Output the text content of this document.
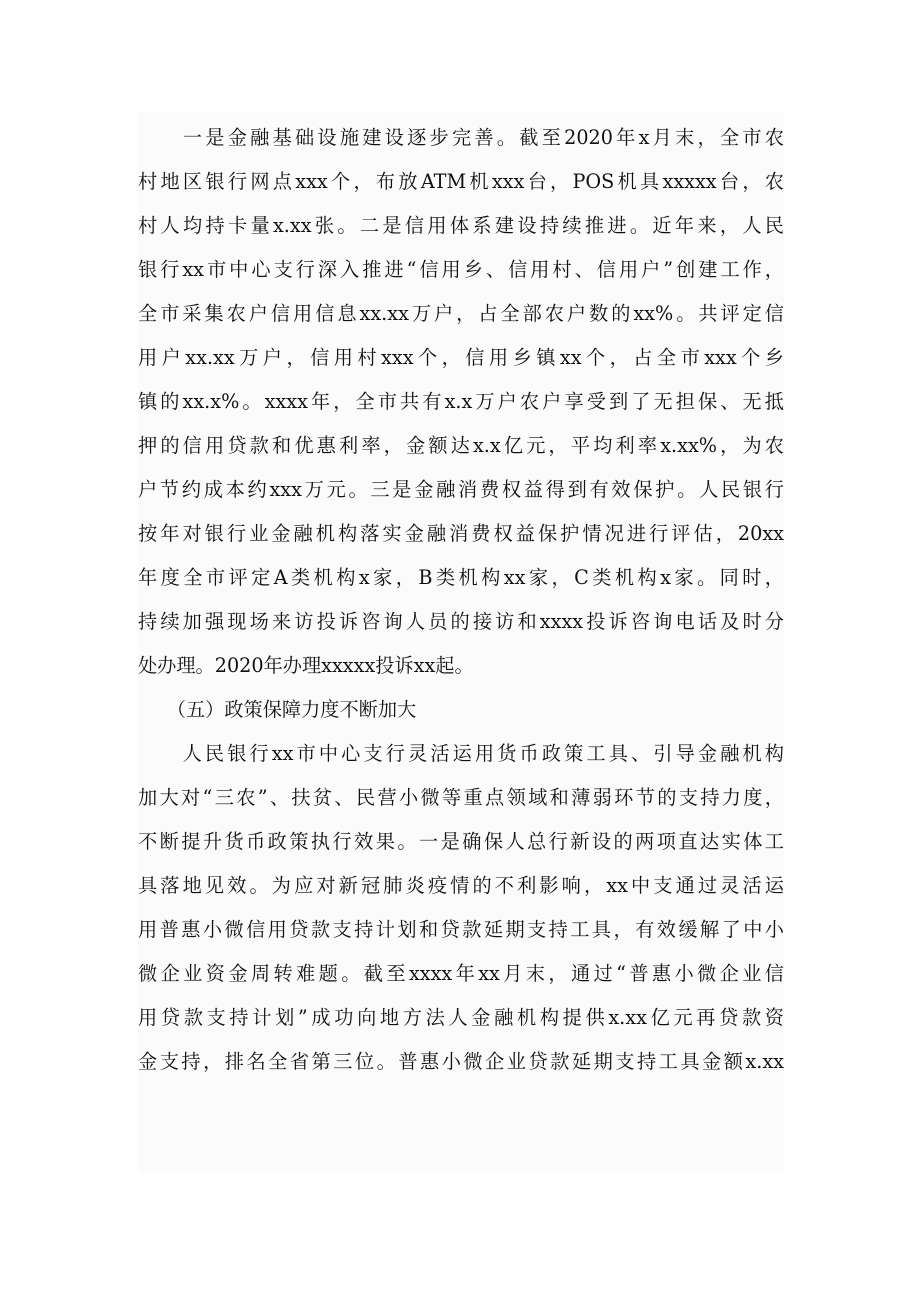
　　一是金融基础设施建设逐步完善。截至2020年x月末，全市农
村地区银行网点xxx个，布放ATM机xxx台，POS机具xxxxx台，农
村人均持卡量x.xx张。二是信用体系建设持续推进。近年来，人民
银行xx市中心支行深入推进“信用乡、信用村、信用户”创建工作，
全市采集农户信用信息xx.xx万户，占全部农户数的xx%。共评定信
用户xx.xx万户，信用村xxx个，信用乡镇xx个，占全市xxx个乡
镇的xx.x%。xxxx年，全市共有x.x万户农户享受到了无担保、无抵
押的信用贷款和优惠利率，金额达x.x亿元，平均利率x.xx%，为农
户节约成本约xxx万元。三是金融消费权益得到有效保护。人民银行
按年对银行业金融机构落实金融消费权益保护情况进行评估，20xx
年度全市评定A类机构x家，B类机构xx家，C类机构x家。同时，
持续加强现场来访投诉咨询人员的接访和xxxx投诉咨询电话及时分
处办理。2020年办理xxxxx投诉xx起。
　　（五）政策保障力度不断加大
　　人民银行xx市中心支行灵活运用货币政策工具、引导金融机构
加大对“三农”、扶贫、民营小微等重点领域和薄弱环节的支持力度，
不断提升货币政策执行效果。一是确保人总行新设的两项直达实体工
具落地见效。为应对新冠肺炎疫情的不利影响，xx中支通过灵活运
用普惠小微信用贷款支持计划和贷款延期支持工具，有效缓解了中小
微企业资金周转难题。截至xxxx年xx月末，通过“普惠小微企业信
用贷款支持计划”成功向地方法人金融机构提供x.xx亿元再贷款资
金支持，排名全省第三位。普惠小微企业贷款延期支持工具金额x.xx
